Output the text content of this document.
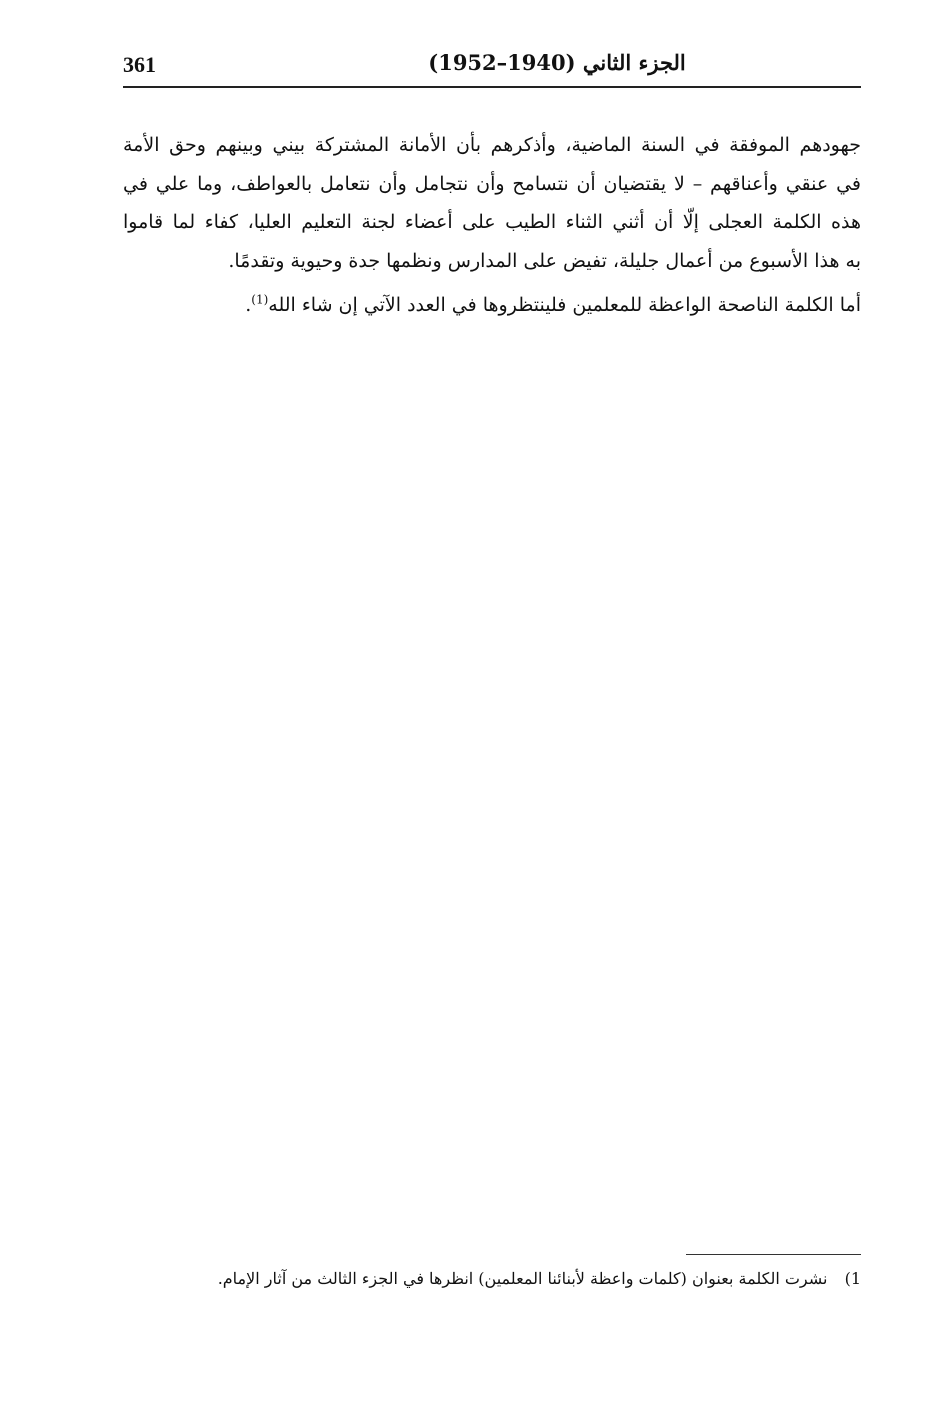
361	الجزء الثاني (1940–1952)

جهودهم الموفقة في السنة الماضية، وأذكرهم بأن الأمانة المشتركة بيني وبينهم وحق الأمة
في عنقي وأعناقهم – لا يقتضيان أن نتسامح وأن نتجامل وأن نتعامل بالعواطف، وما علي في
هذه الكلمة العجلى إلّا أن أثني الثناء الطيب على أعضاء لجنة التعليم العليا، كفاء لما قاموا
به هذا الأسبوع من أعمال جليلة، تفيض على المدارس ونظمها جدة وحيوية وتقدمًا.

أما الكلمة الناصحة الواعظة للمعلمين فلينتظروها في العدد الآتي إن شاء الله$^{(1)}$.

1) نشرت الكلمة بعنوان (كلمات واعظة لأبنائنا المعلمين) انظرها في الجزء الثالث من آثار الإمام.
